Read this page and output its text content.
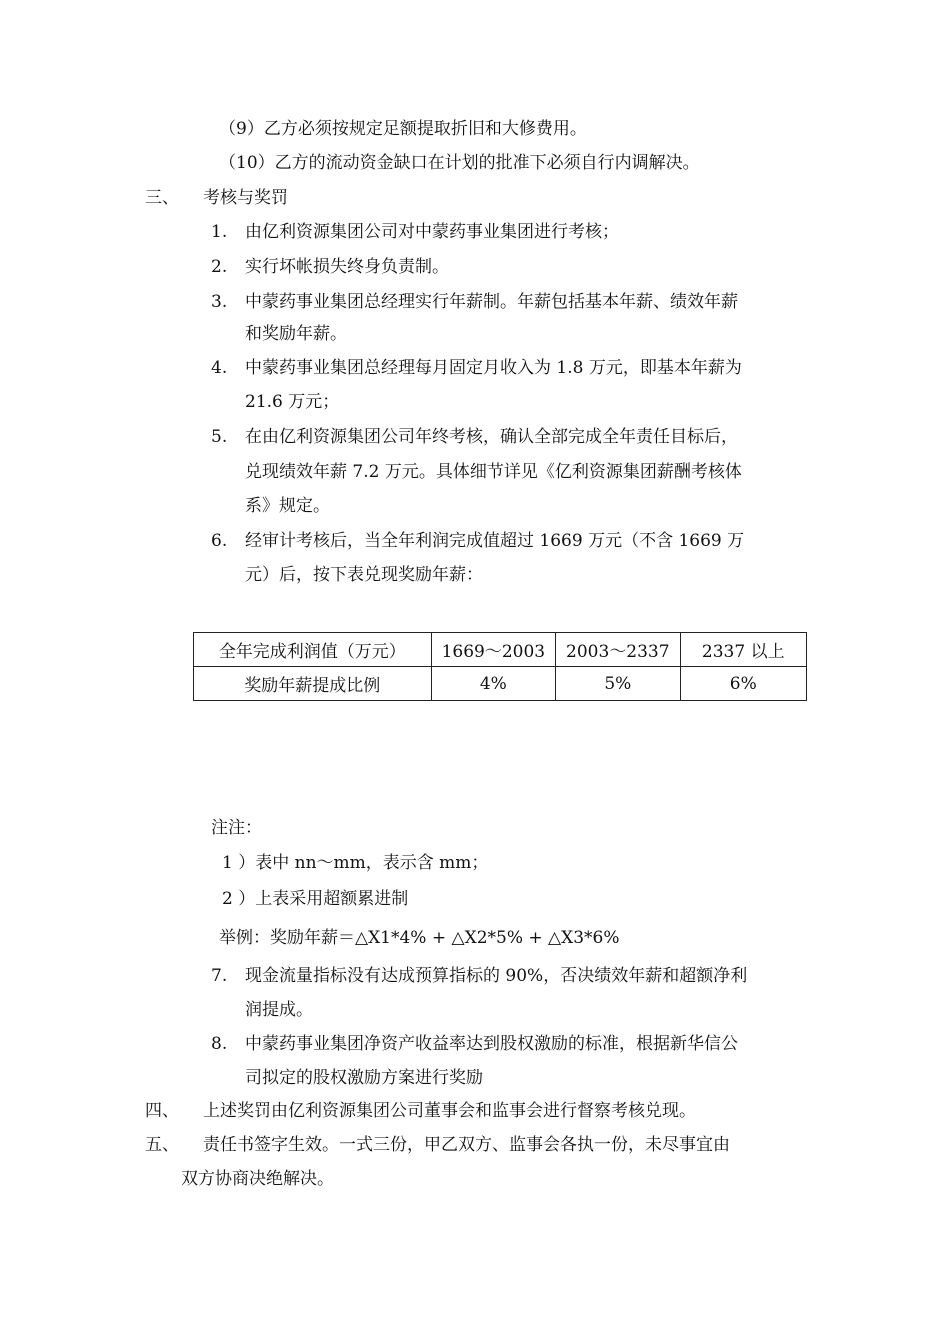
（9）乙方必须按规定足额提取折旧和大修费用。
（10）乙方的流动资金缺口在计划的批准下必须自行内调解决。
三、 考核与奖罚
1. 由亿利资源集团公司对中蒙药事业集团进行考核；
2. 实行坏帐损失终身负责制。
3. 中蒙药事业集团总经理实行年薪制。年薪包括基本年薪、绩效年薪
和奖励年薪。
4. 中蒙药事业集团总经理每月固定月收入为 1.8 万元，即基本年薪为
21.6 万元；
5. 在由亿利资源集团公司年终考核，确认全部完成全年责任目标后，
兑现绩效年薪 7.2 万元。具体细节详见《亿利资源集团薪酬考核体
系》规定。
6. 经审计考核后，当全年利润完成值超过 1669 万元（不含 1669 万
元）后，按下表兑现奖励年薪：
全年完成利润值（万元）	1669～2003	2003～2337	2337 以上
奖励年薪提成比例	4%	5%	6%
注注：
1 ）表中 nn～mm，表示含 mm；
2 ）上表采用超额累进制
举例：奖励年薪＝△X1*4% + △X2*5% + △X3*6%
7. 现金流量指标没有达成预算指标的 90%，否决绩效年薪和超额净利
润提成。
8. 中蒙药事业集团净资产收益率达到股权激励的标准，根据新华信公
司拟定的股权激励方案进行奖励
四、 上述奖罚由亿利资源集团公司董事会和监事会进行督察考核兑现。
五、 责任书签字生效。一式三份，甲乙双方、监事会各执一份，未尽事宜由
双方协商决绝解决。
